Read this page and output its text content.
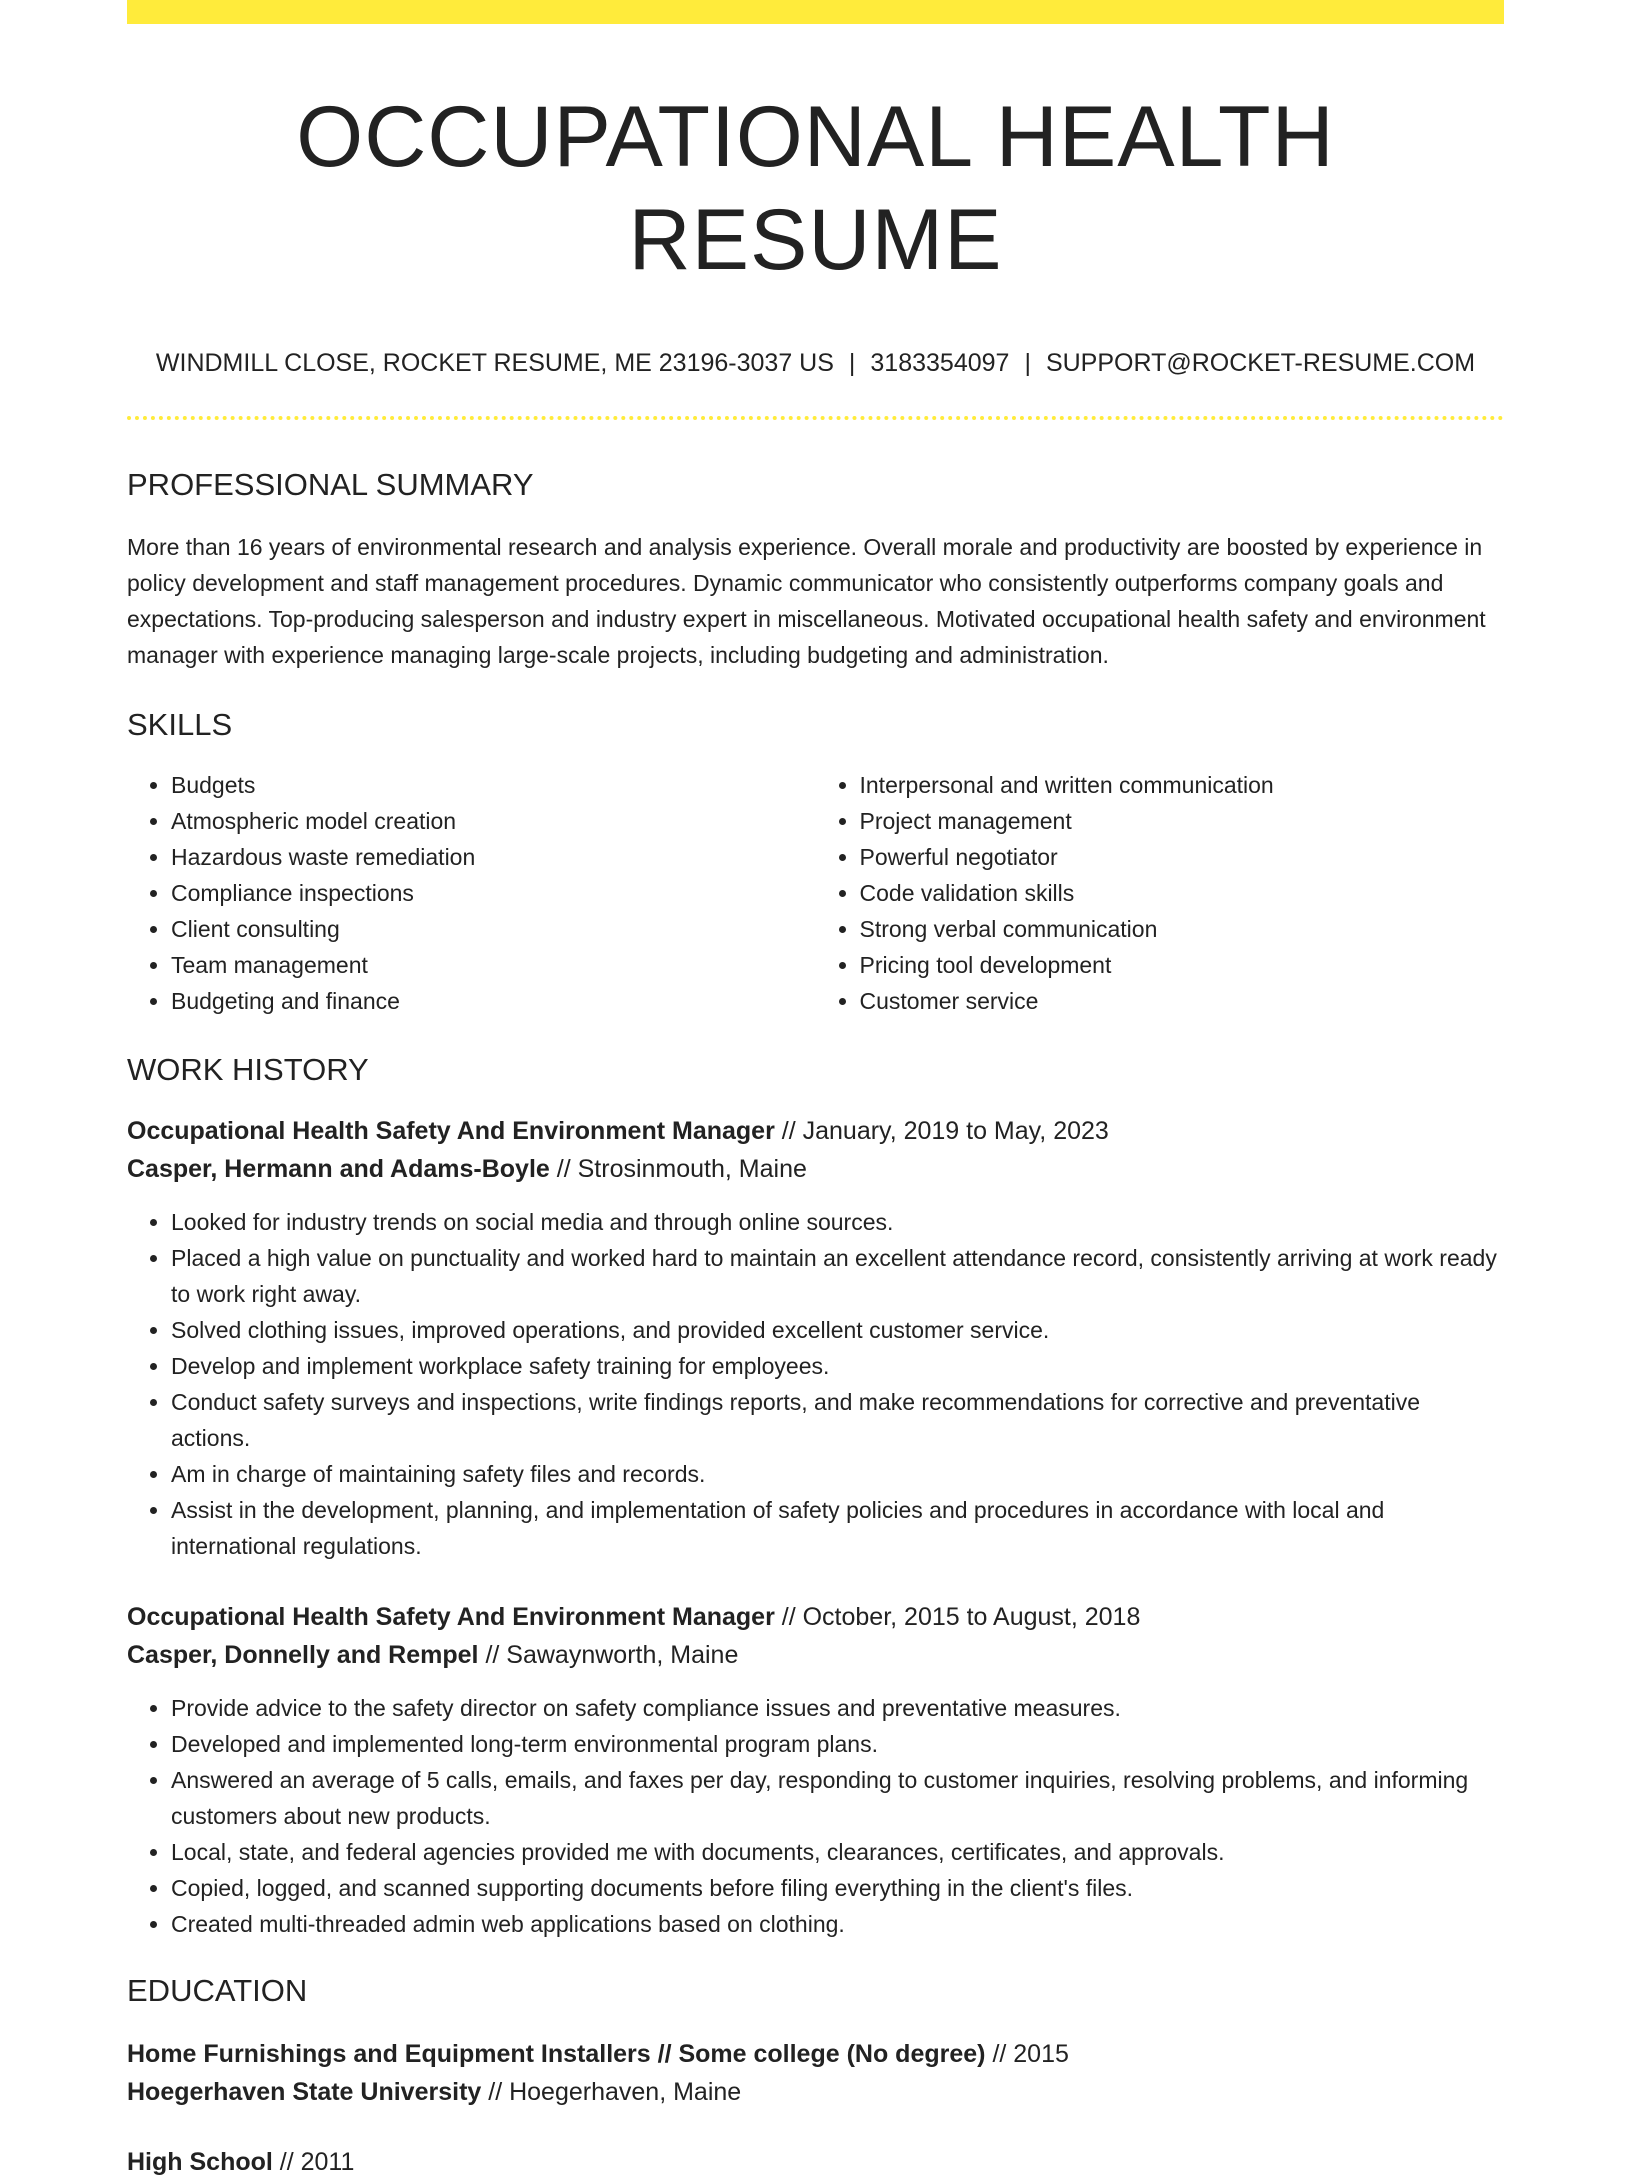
OCCUPATIONAL HEALTH RESUME
WINDMILL CLOSE, ROCKET RESUME, ME 23196-3037 US | 3183354097 | SUPPORT@ROCKET-RESUME.COM
PROFESSIONAL SUMMARY
More than 16 years of environmental research and analysis experience. Overall morale and productivity are boosted by experience in policy development and staff management procedures. Dynamic communicator who consistently outperforms company goals and expectations. Top-producing salesperson and industry expert in miscellaneous. Motivated occupational health safety and environment manager with experience managing large-scale projects, including budgeting and administration.
SKILLS
• Budgets
• Atmospheric model creation
• Hazardous waste remediation
• Compliance inspections
• Client consulting
• Team management
• Budgeting and finance
• Interpersonal and written communication
• Project management
• Powerful negotiator
• Code validation skills
• Strong verbal communication
• Pricing tool development
• Customer service
WORK HISTORY
Occupational Health Safety And Environment Manager // January, 2019 to May, 2023
Casper, Hermann and Adams-Boyle // Strosinmouth, Maine
• Looked for industry trends on social media and through online sources.
• Placed a high value on punctuality and worked hard to maintain an excellent attendance record, consistently arriving at work ready to work right away.
• Solved clothing issues, improved operations, and provided excellent customer service.
• Develop and implement workplace safety training for employees.
• Conduct safety surveys and inspections, write findings reports, and make recommendations for corrective and preventative actions.
• Am in charge of maintaining safety files and records.
• Assist in the development, planning, and implementation of safety policies and procedures in accordance with local and international regulations.
Occupational Health Safety And Environment Manager // October, 2015 to August, 2018
Casper, Donnelly and Rempel // Sawaynworth, Maine
• Provide advice to the safety director on safety compliance issues and preventative measures.
• Developed and implemented long-term environmental program plans.
• Answered an average of 5 calls, emails, and faxes per day, responding to customer inquiries, resolving problems, and informing customers about new products.
• Local, state, and federal agencies provided me with documents, clearances, certificates, and approvals.
• Copied, logged, and scanned supporting documents before filing everything in the client's files.
• Created multi-threaded admin web applications based on clothing.
EDUCATION
Home Furnishings and Equipment Installers // Some college (No degree) // 2015
Hoegerhaven State University // Hoegerhaven, Maine
High School // 2011
